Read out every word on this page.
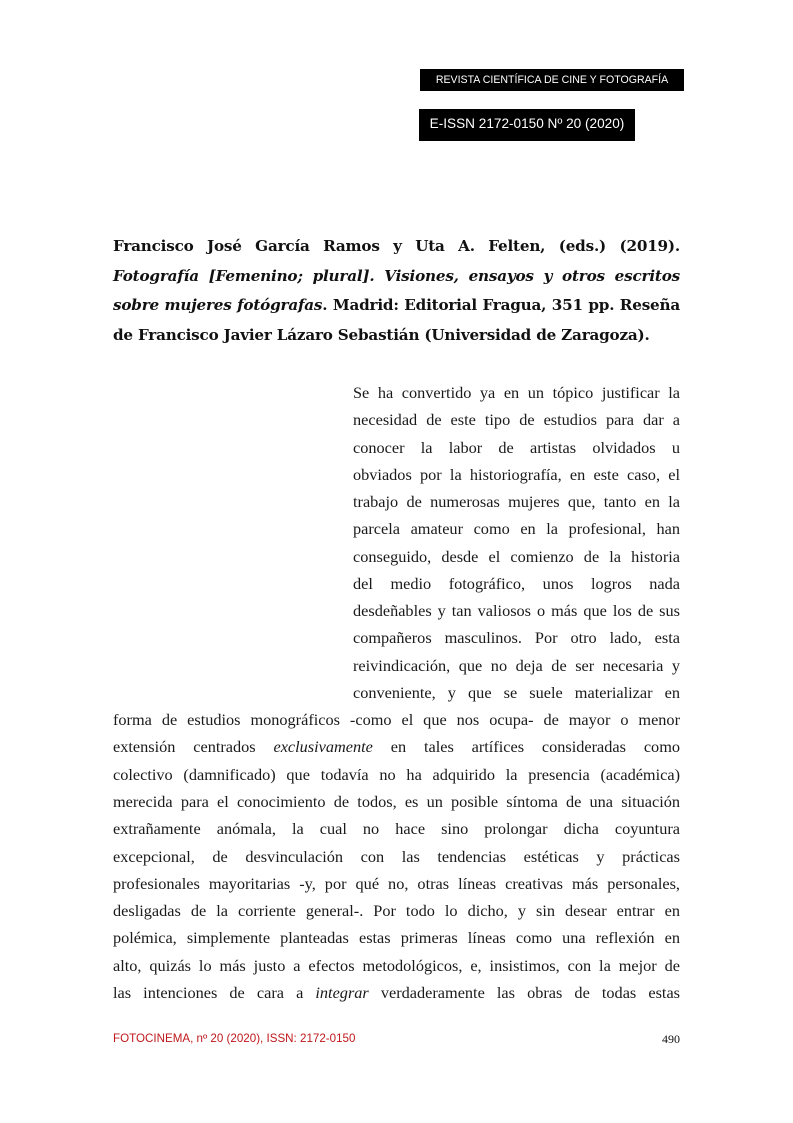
REVISTA CIENTÍFICA DE CINE Y FOTOGRAFÍA
E-ISSN 2172-0150 Nº 20 (2020)
Francisco José García Ramos y Uta A. Felten, (eds.) (2019). Fotografía [Femenino; plural]. Visiones, ensayos y otros escritos sobre mujeres fotógrafas. Madrid: Editorial Fragua, 351 pp. Reseña de Francisco Javier Lázaro Sebastián (Universidad de Zaragoza).
Se ha convertido ya en un tópico justificar la
necesidad de este tipo de estudios para dar a
conocer la labor de artistas olvidados u
obviados por la historiografía, en este caso, el
trabajo de numerosas mujeres que, tanto en la
parcela amateur como en la profesional, han
conseguido, desde el comienzo de la historia
del medio fotográfico, unos logros nada
desdeñables y tan valiosos o más que los de sus
compañeros masculinos. Por otro lado, esta
reivindicación, que no deja de ser necesaria y
conveniente, y que se suele materializar en
forma de estudios monográficos -como el que nos ocupa- de mayor o menor
extensión centrados exclusivamente en tales artífices consideradas como
colectivo (damnificado) que todavía no ha adquirido la presencia (académica)
merecida para el conocimiento de todos, es un posible síntoma de una situación
extrañamente anómala, la cual no hace sino prolongar dicha coyuntura
excepcional, de desvinculación con las tendencias estéticas y prácticas
profesionales mayoritarias -y, por qué no, otras líneas creativas más personales,
desligadas de la corriente general-. Por todo lo dicho, y sin desear entrar en
polémica, simplemente planteadas estas primeras líneas como una reflexión en
alto, quizás lo más justo a efectos metodológicos, e, insistimos, con la mejor de
las intenciones de cara a integrar verdaderamente las obras de todas estas
FOTOCINEMA, nº 20 (2020), ISSN: 2172-0150	490
